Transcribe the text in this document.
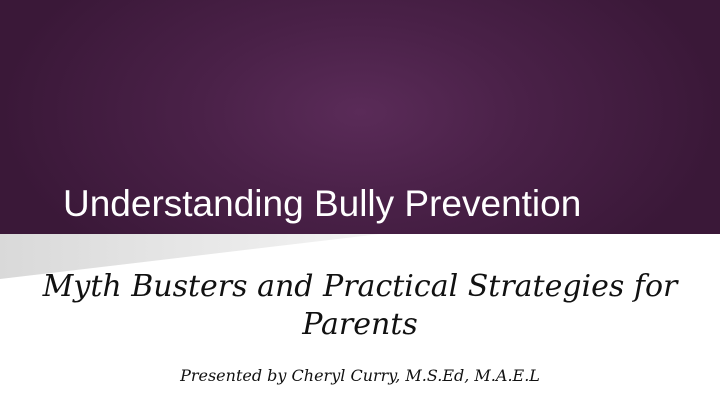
Understanding Bully Prevention
Myth Busters and Practical Strategies for Parents

Presented by Cheryl Curry, M.S.Ed, M.A.E.L
